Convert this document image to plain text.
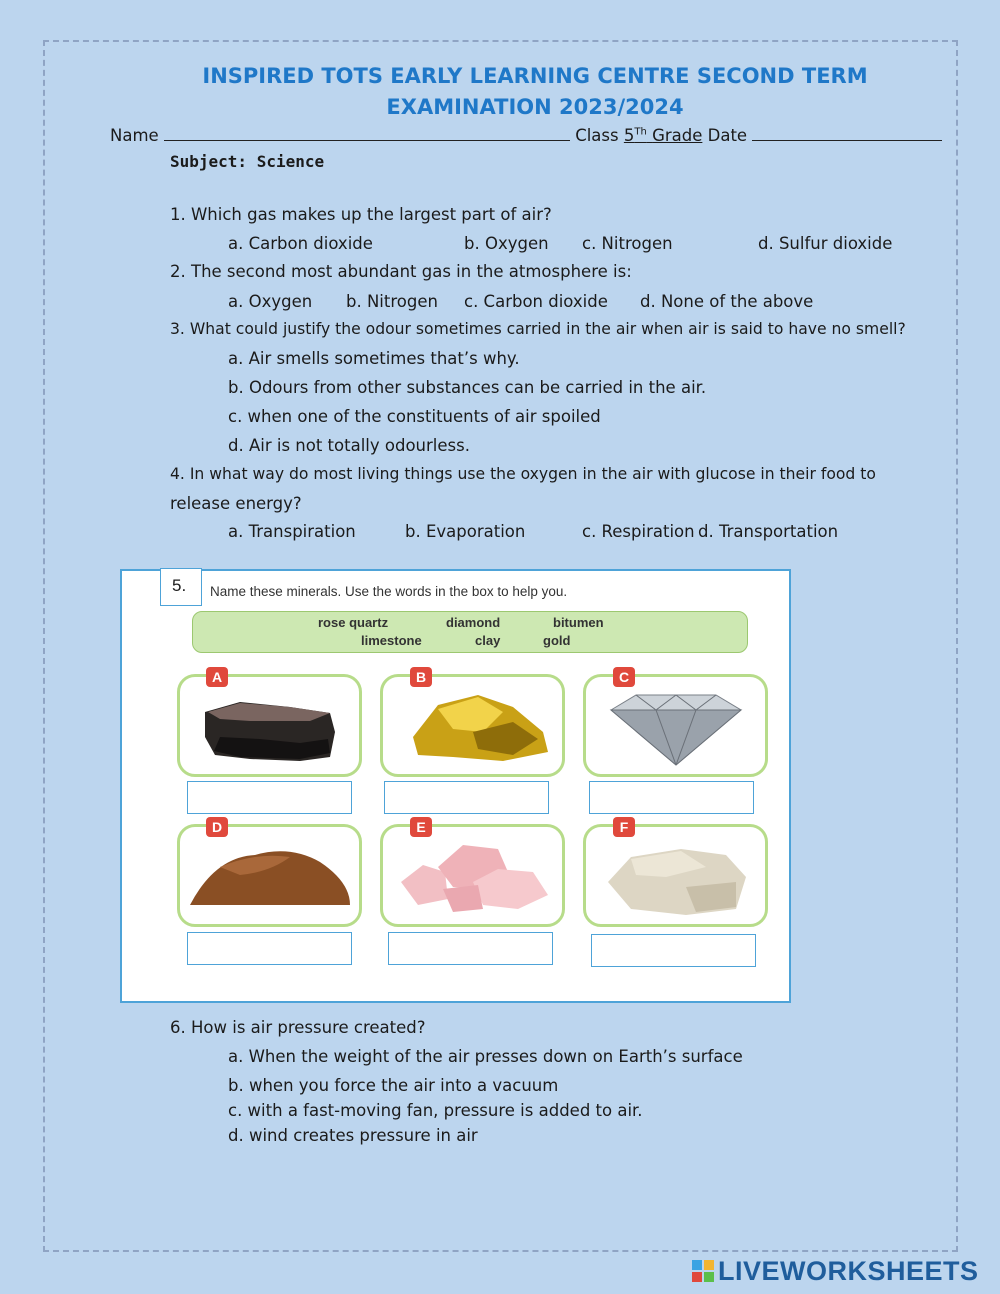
INSPIRED TOTS EARLY LEARNING CENTRE SECOND TERM
EXAMINATION 2023/2024
Name	Class 5Th Grade Date
Subject: Science
1. Which gas makes up the largest part of air?
a. Carbon dioxide	b. Oxygen c. Nitrogen	d. Sulfur dioxide
2. The second most abundant gas in the atmosphere is:
a. Oxygen b. Nitrogen c. Carbon dioxide d. None of the above
3. What could justify the odour sometimes carried in the air when air is said to have no smell?
a. Air smells sometimes that’s why.
b. Odours from other substances can be carried in the air.
c. when one of the constituents of air spoiled
d. Air is not totally odourless.
4. In what way do most living things use the oxygen in the air with glucose in their food to
release energy?
a. Transpiration	b. Evaporation	c. Respiration d. Transportation
5.	Name these minerals. Use the words in the box to help you.
rose quartz	diamond	bitumen
limestone	clay	gold
A	B	C
D	E	F
6. How is air pressure created?
a. When the weight of the air presses down on Earth’s surface
b. when you force the air into a vacuum
c. with a fast-moving fan, pressure is added to air.
d. wind creates pressure in air
LIVEWORKSHEETS
